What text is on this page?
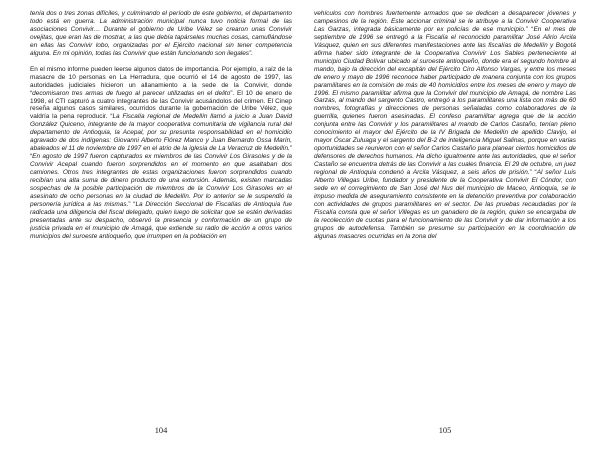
tenía dos o tres zonas difíciles, y culminando el período de este gobierno, el departamento todo está en guerra. La administración municipal nunca tuvo noticia formal de las asociaciones Convivir… Durante el gobierno de Uribe Vélez se crearon unas Convivir ovejitas, que eran las de mostrar, a las que debía tapárseles muchas cosas, camuflándose en ellas las Convivir lobo, organizadas por el Ejército nacional sin tener competencia alguna. En mi opinión, todas las Convivir que están funcionando son ilegales”.

En el mismo informe pueden leerse algunos datos de importancia. Por ejemplo, a raíz de la masacre de 10 personas en La Herradura, que ocurrió el 14 de agosto de 1997, las autoridades judiciales hicieron un allanamiento a la sede de la Convivir, donde “decomisaron tres armas de fuego al parecer utilizadas en el delito”. El 10 de enero de 1998, el CTI capturó a cuatro integrantes de las Convivir acusándolos del crimen. El Cinep reseña algunos casos similares, ocurridos durante la gobernación de Uribe Vélez, que valdría la pena reproducir. “La Fiscalía regional de Medellín llamó a juicio a Juan David González Quiceno, integrante de la mayor cooperativa comunitaria de vigilancia rural del departamento de Antioquia, la Acepal, por su presunta responsabilidad en el homicidio agravado de dos indígenas: Giovanni Alberto Flórez Manco y Juan Bernardo Ossa Marín, abaleados el 11 de noviembre de 1997 en el atrio de la iglesia de La Veracruz de Medellín.” “En agosto de 1997 fueron capturados ex miembros de las Convivir Los Girasoles y de la Convivir Acepal cuando fueron sorprendidos en el momento en que asaltaban dos camiones. Otros tres integrantes de estas organizaciones fueron sorprendidos cuando recibían una alta suma de dinero producto de una extorsión. Además, existen marcadas sospechas de la posible participación de miembros de la Convivir Los Girasoles en el asesinato de ocho personas en la ciudad de Medellín. Por lo anterior se le suspendió la personería jurídica a las mismas.” “La Dirección Seccional de Fiscalías de Antioquia fue radicada una diligencia del fiscal delegado, quien luego de solicitar que se estén derivadas presentadas ante su despacho, observó la presencia y conformación de un grupo de justicia privada en el municipio de Amagá, que extiende su radio de acción a otros varios municipios del suroeste antioqueño, que irrumpen en la población en

104

vehículos con hombres fuertemente armados que se dedican a desaparecer jóvenes y campesinos de la región. Este accionar criminal se le atribuye a la Convivir Cooperativa Las Garzas, integrada básicamente por ex policías de ese municipio.” “En el mes de septiembre de 1996 se entregó a la Fiscalía el reconocido paramilitar José Alirio Arcila Vásquez, quien en sus diferentes manifestaciones ante las fiscalías de Medellín y Bogotá afirma haber sido integrante de la Cooperativa Convivir Los Sables perteneciente al municipio Ciudad Bolívar ubicado al suroeste antioqueño, donde era el segundo hombre al mando, bajo la dirección del excapitán del Ejército Ciro Alfonso Vargas, y entre los meses de enero y mayo de 1996 reconoce haber participado de manera conjunta con los grupos paramilitares en la comisión de más de 40 homicidios entre los meses de enero y mayo de 1996. El mismo paramilitar afirma que la Convivir del municipio de Amagá, de nombre Las Garzas, al mando del sargento Castro, entregó a los paramilitares una lista con más de 60 nombres, fotografías y direcciones de personas señaladas como colaboradores de la guerrilla, quienes fueron asesinadas. El confeso paramilitar agrega que de la acción conjunta entre las Convivir y los paramilitares al mando de Carlos Castaño, tenían pleno conocimiento el mayor del Ejército de la IV Brigada de Medellín de apellido Clavijo, el mayor Óscar Zuluaga y el sargento del B-2 de inteligencia Miguel Salinas, porque en varias oportunidades se reunieron con el señor Carlos Castaño para planear ciertos homicidios de defensores de derechos humanos. Ha dicho igualmente ante las autoridades, que el señor Castaño se encuentra detrás de las Convivir a las cuales financia. El 29 de octubre, un juez regional de Antioquia condenó a Arcila Vásquez, a seis años de prisión.” “Al señor Luis Alberto Villegas Uribe, fundador y presidente de la Cooperativa Convivir El Cóndor, con sede en el corregimiento de San José del Nus del municipio de Maceo, Antioquia, se le impuso medida de aseguramiento consistente en la detención preventiva por colaboración con actividades de grupos paramilitares en el sector. De las pruebas recaudadas por la Fiscalía consta que el señor Villegas es un ganadero de la región, quien se encargaba de la recolección de cuotas para el funcionamiento de las Convivir y de dar información a los grupos de autodefensa. También se presume su participación en la coordinación de algunas masacres ocurridas en la zona del

105
